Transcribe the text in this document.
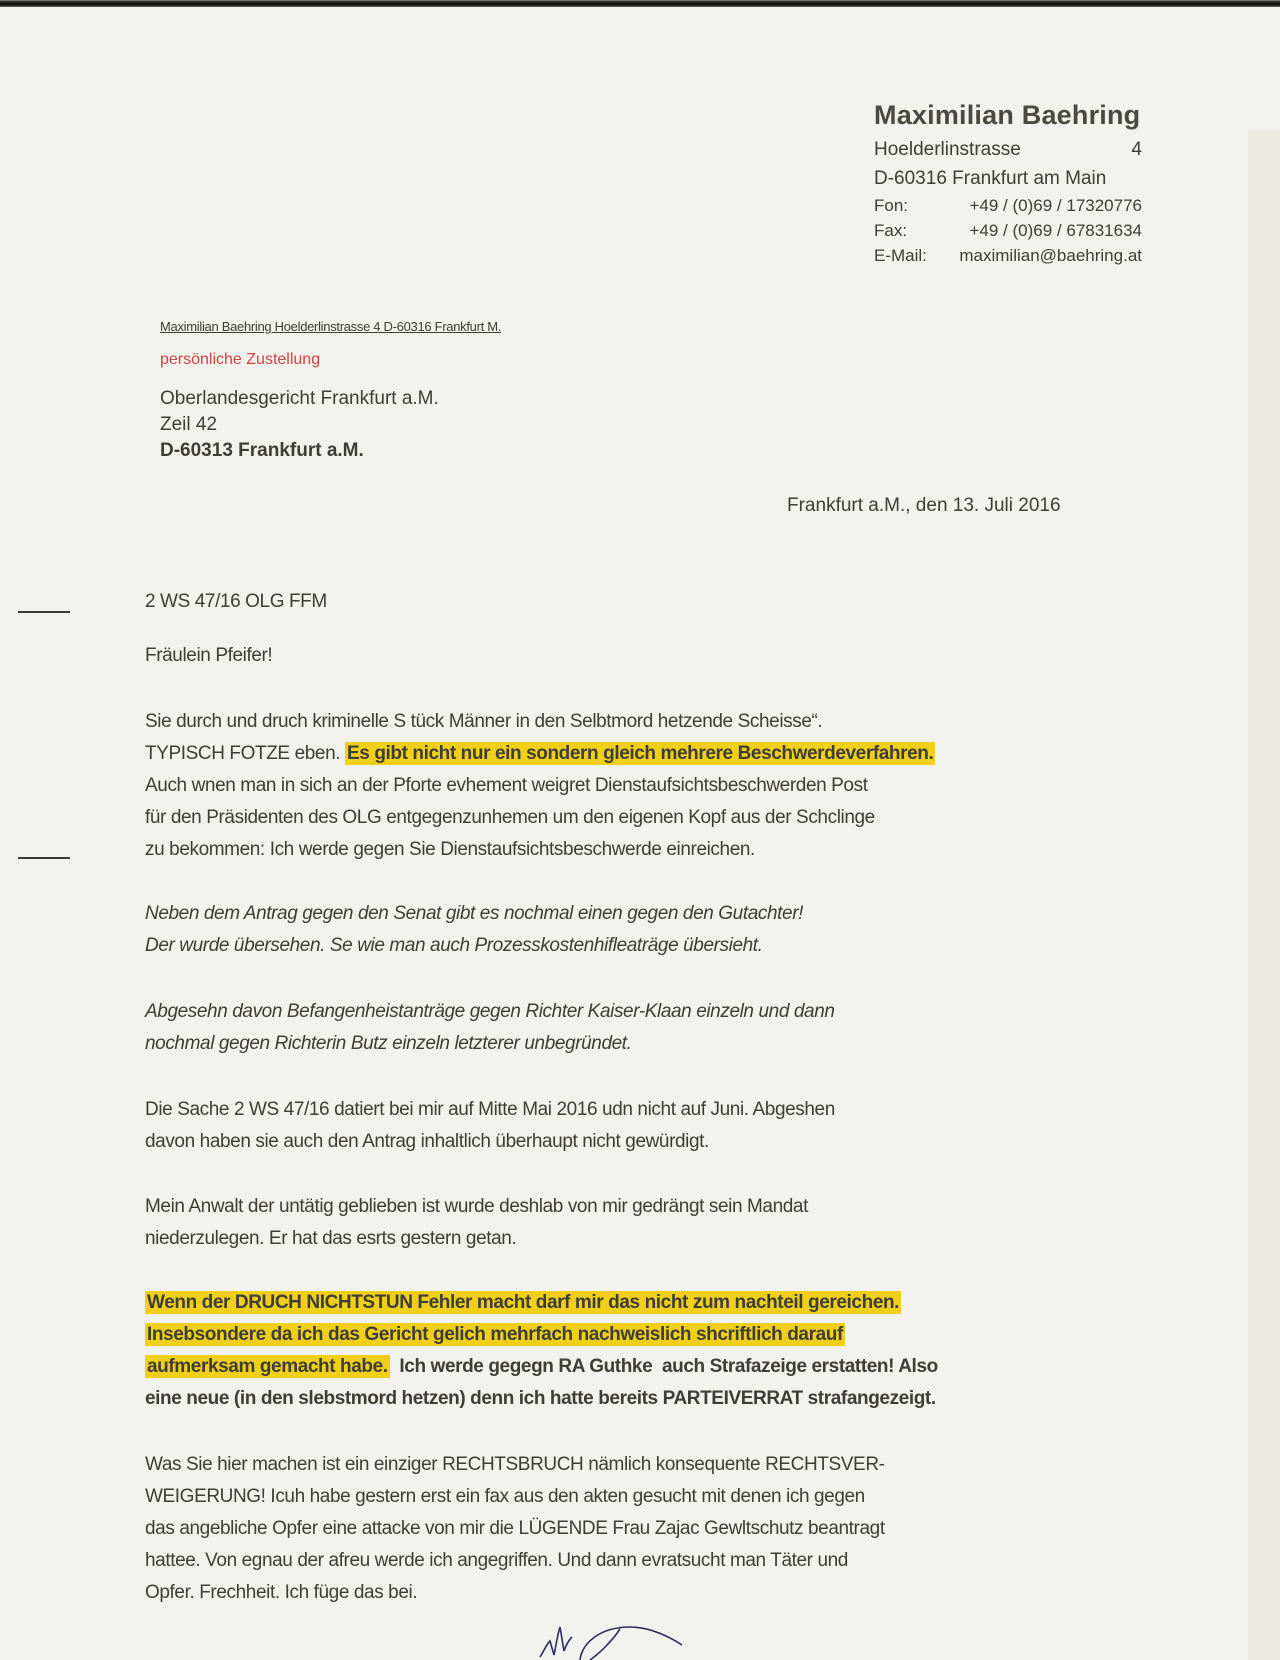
Maximilian Baehring
Hoelderlinstrasse	4
D-60316 Frankfurt am Main
Fon:	+49 / (0)69 / 17320776
Fax:	+49 / (0)69 / 67831634
E-Mail: maximilian@baehring.at
Maximilian Baehring Hoelderlinstrasse 4 D-60316 Frankfurt M.
persönliche Zustellung
Oberlandesgericht Frankfurt a.M.
Zeil 42
D-60313 Frankfurt a.M.
Frankfurt a.M., den 13. Juli 2016
2 WS 47/16 OLG FFM
Fräulein Pfeifer!
Sie durch und druch kriminelle S tück Männer in den Selbtmord hetzende Scheisse“.
TYPISCH FOTZE eben. Es gibt nicht nur ein sondern gleich mehrere Beschwerdeverfahren.
Auch wnen man in sich an der Pforte evhement weigret Dienstaufsichtsbeschwerden Post
für den Präsidenten des OLG entgegenzunhemen um den eigenen Kopf aus der Schclinge
zu bekommen: Ich werde gegen Sie Dienstaufsichtsbeschwerde einreichen.
Neben dem Antrag gegen den Senat gibt es nochmal einen gegen den Gutachter!
Der wurde übersehen. Se wie man auch Prozesskostenhifleaträge übersieht.
Abgesehn davon Befangenheistanträge gegen Richter Kaiser-Klaan einzeln und dann
nochmal gegen Richterin Butz einzeln letzterer unbegründet.
Die Sache 2 WS 47/16 datiert bei mir auf Mitte Mai 2016 udn nicht auf Juni. Abgeshen
davon haben sie auch den Antrag inhaltlich überhaupt nicht gewürdigt.
Mein Anwalt der untätig geblieben ist wurde deshlab von mir gedrängt sein Mandat
niederzulegen. Er hat das esrts gestern getan.
Wenn der DRUCH NICHTSTUN Fehler macht darf mir das nicht zum nachteil gereichen.
Insebsondere da ich das Gericht gelich mehrfach nachweislich shcriftlich darauf
aufmerksam gemacht habe.  Ich werde gegegn RA Guthke  auch Strafazeige erstatten! Also
eine neue (in den slebstmord hetzen) denn ich hatte bereits PARTEIVERRAT strafangezeigt.
Was Sie hier machen ist ein einziger RECHTSBRUCH nämlich konsequente RECHTSVER-
WEIGERUNG! Icuh habe gestern erst ein fax aus den akten gesucht mit denen ich gegen
das angebliche Opfer eine attacke von mir die LÜGENDE Frau Zajac Gewltschutz beantragt
hattee. Von egnau der afreu werde ich angegriffen. Und dann evratsucht man Täter und
Opfer. Frechheit. Ich füge das bei.
